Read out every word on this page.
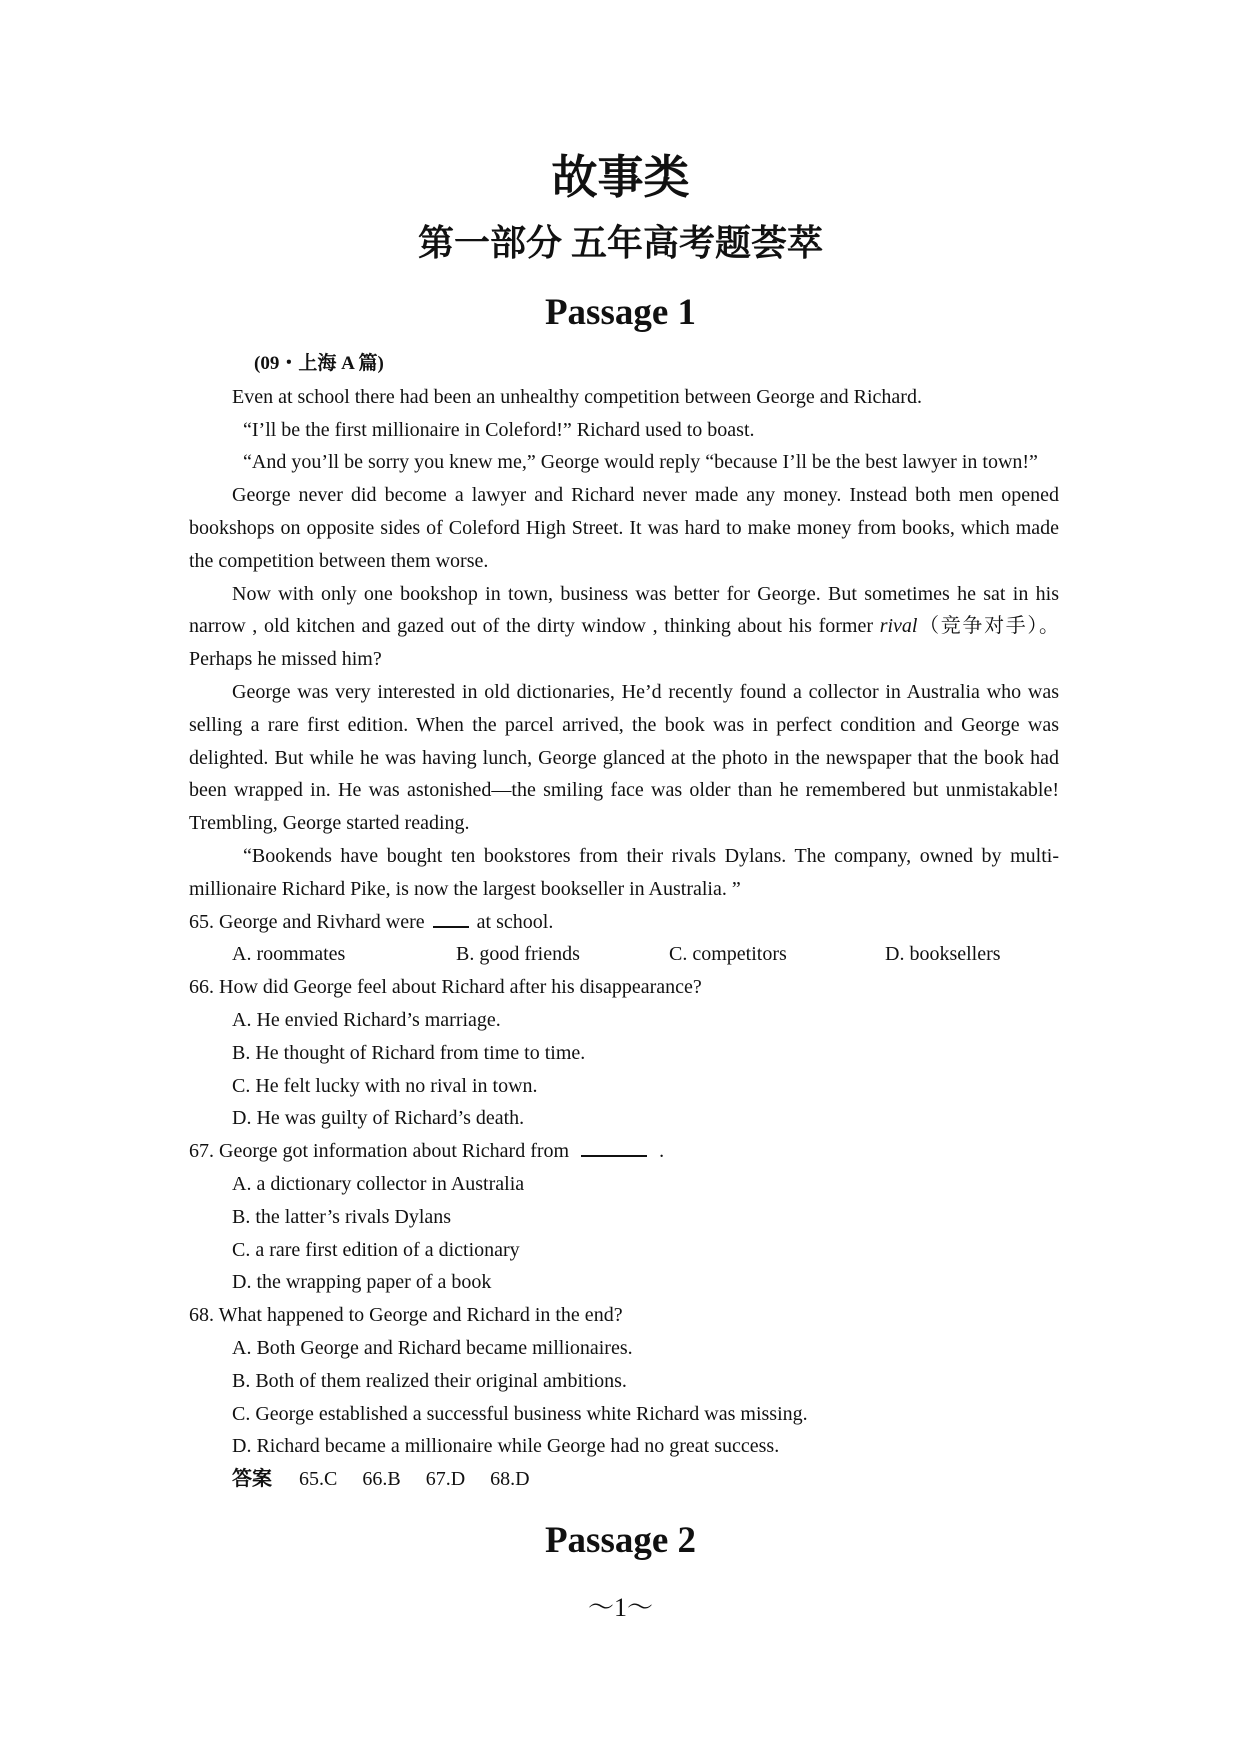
故事类
第一部分 五年高考题荟萃
Passage 1
(09・上海 A 篇)

Even at school there had been an unhealthy competition between George and Richard.

“I’ll be the first millionaire in Coleford!” Richard used to boast.

“And you’ll be sorry you knew me,” George would reply “because I’ll be the best lawyer in town!”

George never did become a lawyer and Richard never made any money. Instead both men opened bookshops on opposite sides of Coleford High Street. It was hard to make money from books, which made the competition between them worse.

Now with only one bookshop in town, business was better for George. But sometimes he sat in his narrow , old kitchen and gazed out of the dirty window , thinking about his former rival（竞争对手）。Perhaps he missed him?

George was very interested in old dictionaries, He’d recently found a collector in Australia who was selling a rare first edition. When the parcel arrived, the book was in perfect condition and George was delighted. But while he was having lunch, George glanced at the photo in the newspaper that the book had been wrapped in. He was astonished—the smiling face was older than he remembered but unmistakable! Trembling, George started reading.

“Bookends have bought ten bookstores from their rivals Dylans. The company, owned by multi-millionaire Richard Pike, is now the largest bookseller in Australia. ”

65. George and Rivhard were	at school.

A. roommates	B. good friends	C. competitors	D. booksellers

66. How did George feel about Richard after his disappearance?

A. He envied Richard’s marriage.

B. He thought of Richard from time to time.

C. He felt lucky with no rival in town.

D. He was guilty of Richard’s death.

67. George got information about Richard from	.

A. a dictionary collector in Australia

B. the latter’s rivals Dylans

C. a rare first edition of a dictionary

D. the wrapping paper of a book

68. What happened to George and Richard in the end?

A. Both George and Richard became millionaires.

B. Both of them realized their original ambitions.

C. George established a successful business white Richard was missing.

D. Richard became a millionaire while George had no great success.

答案 65.C 66.B 67.D 68.D
Passage 2
～1～
